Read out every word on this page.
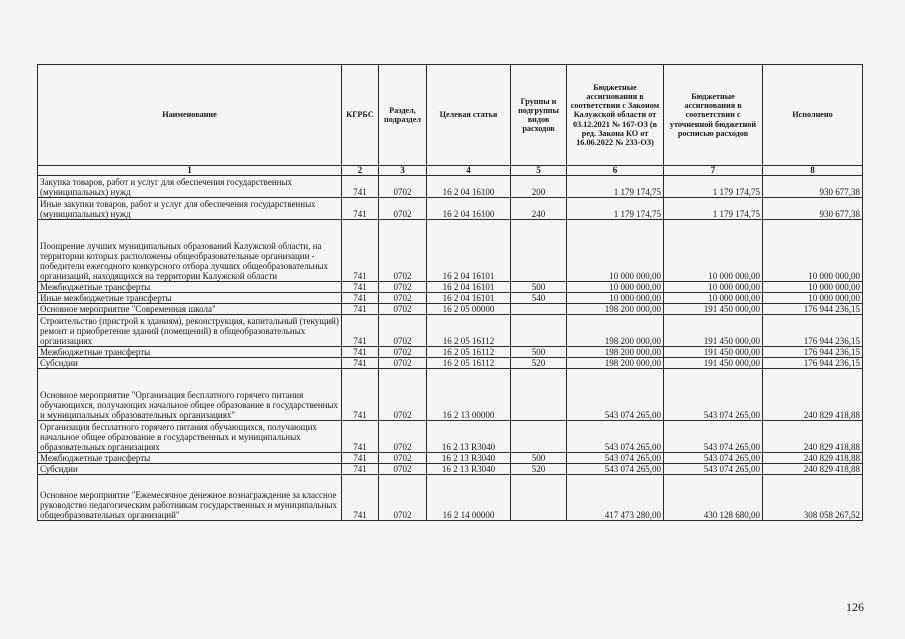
Наименование	КГРБС	Раздел, подраздел	Целевая статья	Группы и подгруппы видов расходов	Бюджетные ассигнования в соответствии с Законом Калужской области от 03.12.2021 № 167-ОЗ (в ред. Закона КО от 16.06.2022 № 233-ОЗ)	Бюджетные ассигнования в соответствии с уточненной бюджетной росписью расходов	Исполнено
1	2	3	4	5	6	7	8
Закупка товаров, работ и услуг для обеспечения государственных (муниципальных) нужд	741	0702	16 2 04 16100	200	1 179 174,75	1 179 174,75	930 677,38
Иные закупки товаров, работ и услуг для обеспечения государственных (муниципальных) нужд	741	0702	16 2 04 16100	240	1 179 174,75	1 179 174,75	930 677,38
Поощрение лучших муниципальных образований Калужской области, на территории которых расположены общеобразовательные организации - победители ежегодного конкурсного отбора лучших общеобразовательных организаций, находящихся на территории Калужской области	741	0702	16 2 04 16101		10 000 000,00	10 000 000,00	10 000 000,00
Межбюджетные трансферты	741	0702	16 2 04 16101	500	10 000 000,00	10 000 000,00	10 000 000,00
Иные межбюджетные трансферты	741	0702	16 2 04 16101	540	10 000 000,00	10 000 000,00	10 000 000,00
Основное мероприятие "Современная школа"	741	0702	16 2 05 00000		198 200 000,00	191 450 000,00	176 944 236,15
Строительство (пристрой к зданиям), реконструкция, капитальный (текущий) ремонт и приобретение зданий (помещений) в общеобразовательных организациях	741	0702	16 2 05 16112		198 200 000,00	191 450 000,00	176 944 236,15
Межбюджетные трансферты	741	0702	16 2 05 16112	500	198 200 000,00	191 450 000,00	176 944 236,15
Субсидии	741	0702	16 2 05 16112	520	198 200 000,00	191 450 000,00	176 944 236,15
Основное мероприятие "Организация бесплатного горячего питания обучающихся, получающих начальное общее образование в государственных и муниципальных образовательных организациях"	741	0702	16 2 13 00000		543 074 265,00	543 074 265,00	240 829 418,88
Организация бесплатного горячего питания обучающихся, получающих начальное общее образование в государственных и муниципальных образовательных организациях	741	0702	16 2 13 R3040		543 074 265,00	543 074 265,00	240 829 418,88
Межбюджетные трансферты	741	0702	16 2 13 R3040	500	543 074 265,00	543 074 265,00	240 829 418,88
Субсидии	741	0702	16 2 13 R3040	520	543 074 265,00	543 074 265,00	240 829 418,88
Основное мероприятие "Ежемесячное денежное вознаграждение за классное руководство педагогическим работникам государственных и муниципальных общеобразовательных организаций"	741	0702	16 2 14 00000		417 473 280,00	430 128 680,00	308 058 267,52
126
